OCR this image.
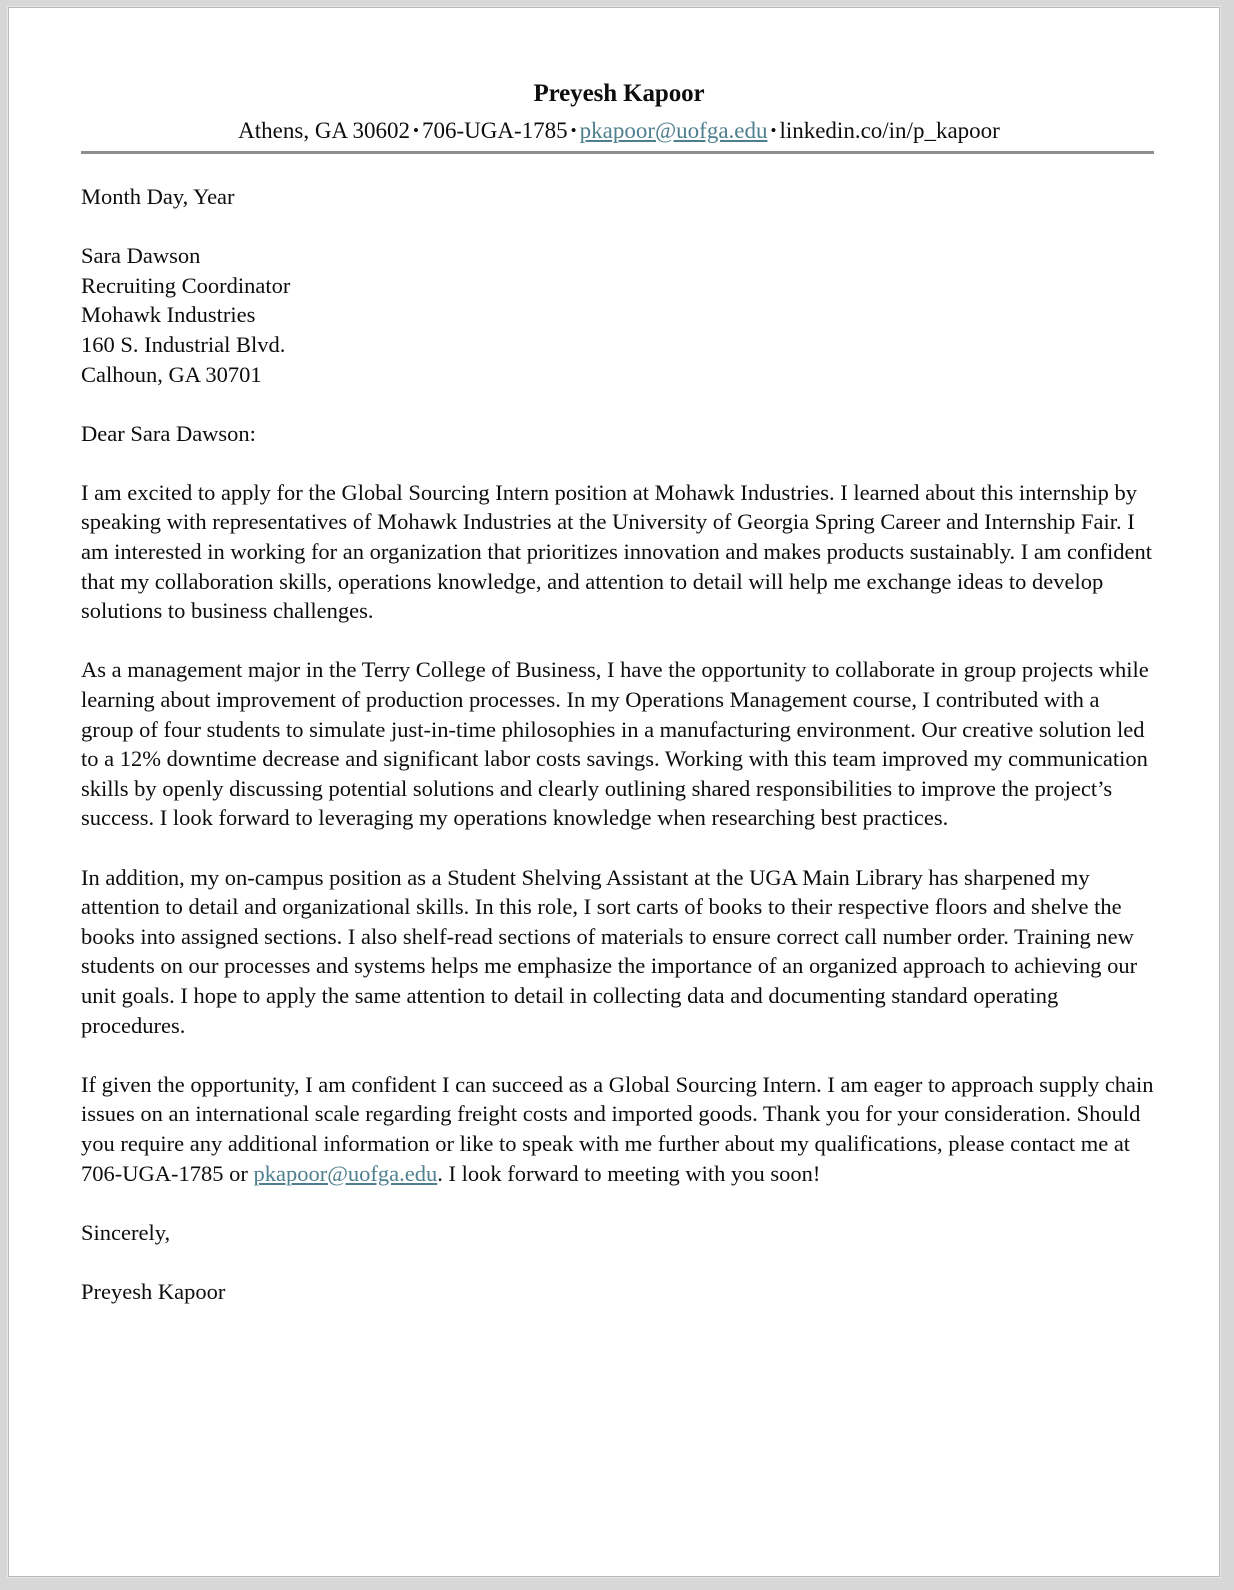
Preyesh Kapoor
Athens, GA 30602 • 706-UGA-1785 • pkapoor@uofga.edu • linkedin.co/in/p_kapoor

Month Day, Year

Sara Dawson

Recruiting Coordinator

Mohawk Industries

160 S. Industrial Blvd.

Calhoun, GA 30701

Dear Sara Dawson:

I am excited to apply for the Global Sourcing Intern position at Mohawk Industries. I learned about this internship by speaking with representatives of Mohawk Industries at the University of Georgia Spring Career and Internship Fair. I am interested in working for an organization that prioritizes innovation and makes products sustainably. I am confident that my collaboration skills, operations knowledge, and attention to detail will help me exchange ideas to develop solutions to business challenges.

As a management major in the Terry College of Business, I have the opportunity to collaborate in group projects while learning about improvement of production processes. In my Operations Management course, I contributed with a group of four students to simulate just-in-time philosophies in a manufacturing environment. Our creative solution led to a 12% downtime decrease and significant labor costs savings. Working with this team improved my communication skills by openly discussing potential solutions and clearly outlining shared responsibilities to improve the project’s success. I look forward to leveraging my operations knowledge when researching best practices.

In addition, my on-campus position as a Student Shelving Assistant at the UGA Main Library has sharpened my attention to detail and organizational skills. In this role, I sort carts of books to their respective floors and shelve the books into assigned sections. I also shelf-read sections of materials to ensure correct call number order. Training new students on our processes and systems helps me emphasize the importance of an organized approach to achieving our unit goals. I hope to apply the same attention to detail in collecting data and documenting standard operating procedures.

If given the opportunity, I am confident I can succeed as a Global Sourcing Intern. I am eager to approach supply chain issues on an international scale regarding freight costs and imported goods. Thank you for your consideration. Should you require any additional information or like to speak with me further about my qualifications, please contact me at 706-UGA-1785 or pkapoor@uofga.edu. I look forward to meeting with you soon!

Sincerely,

Preyesh Kapoor
